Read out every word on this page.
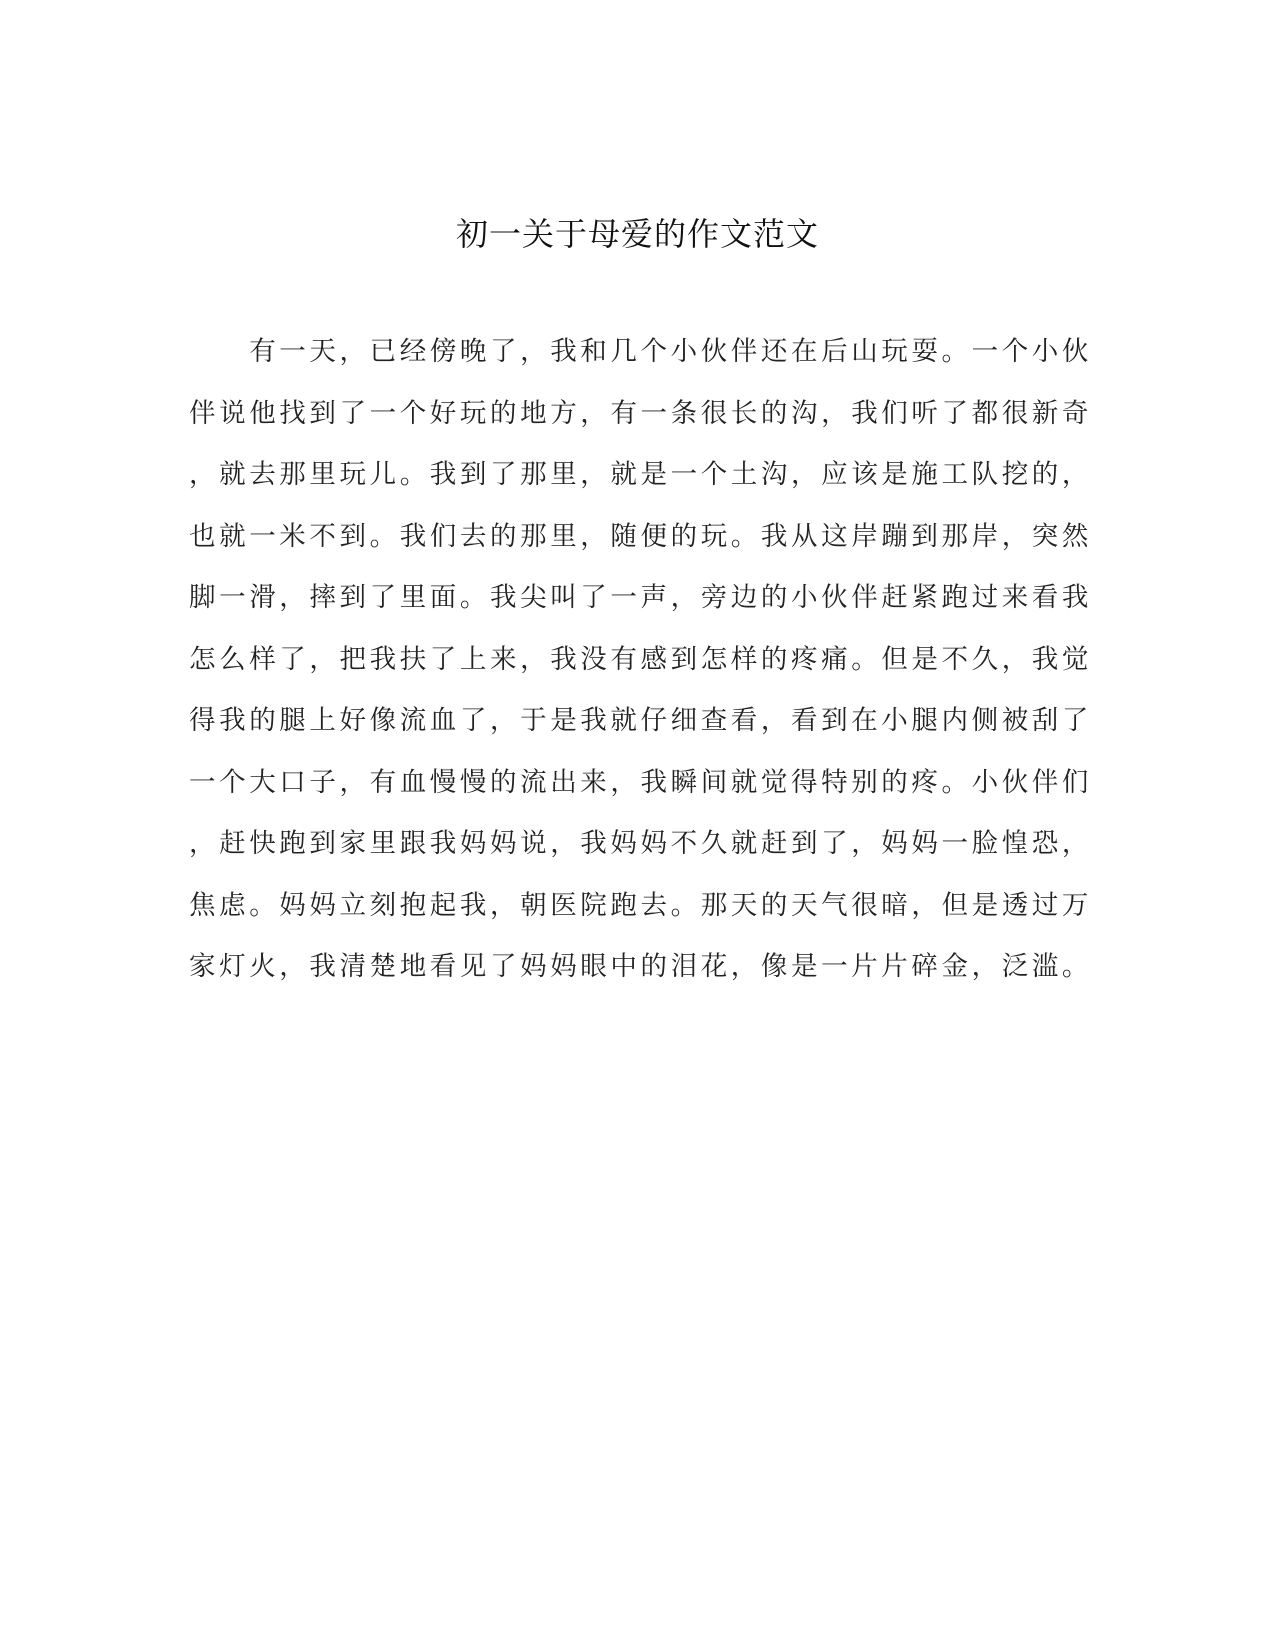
初一关于母爱的作文范文
　　有一天，已经傍晚了，我和几个小伙伴还在后山玩耍。一个小伙
伴说他找到了一个好玩的地方，有一条很长的沟，我们听了都很新奇
，就去那里玩儿。我到了那里，就是一个土沟，应该是施工队挖的，
也就一米不到。我们去的那里，随便的玩。我从这岸蹦到那岸，突然
脚一滑，摔到了里面。我尖叫了一声，旁边的小伙伴赶紧跑过来看我
怎么样了，把我扶了上来，我没有感到怎样的疼痛。但是不久，我觉
得我的腿上好像流血了，于是我就仔细查看，看到在小腿内侧被刮了
一个大口子，有血慢慢的流出来，我瞬间就觉得特别的疼。小伙伴们
，赶快跑到家里跟我妈妈说，我妈妈不久就赶到了，妈妈一脸惶恐，
焦虑。妈妈立刻抱起我，朝医院跑去。那天的天气很暗，但是透过万
家灯火，我清楚地看见了妈妈眼中的泪花，像是一片片碎金，泛滥。
